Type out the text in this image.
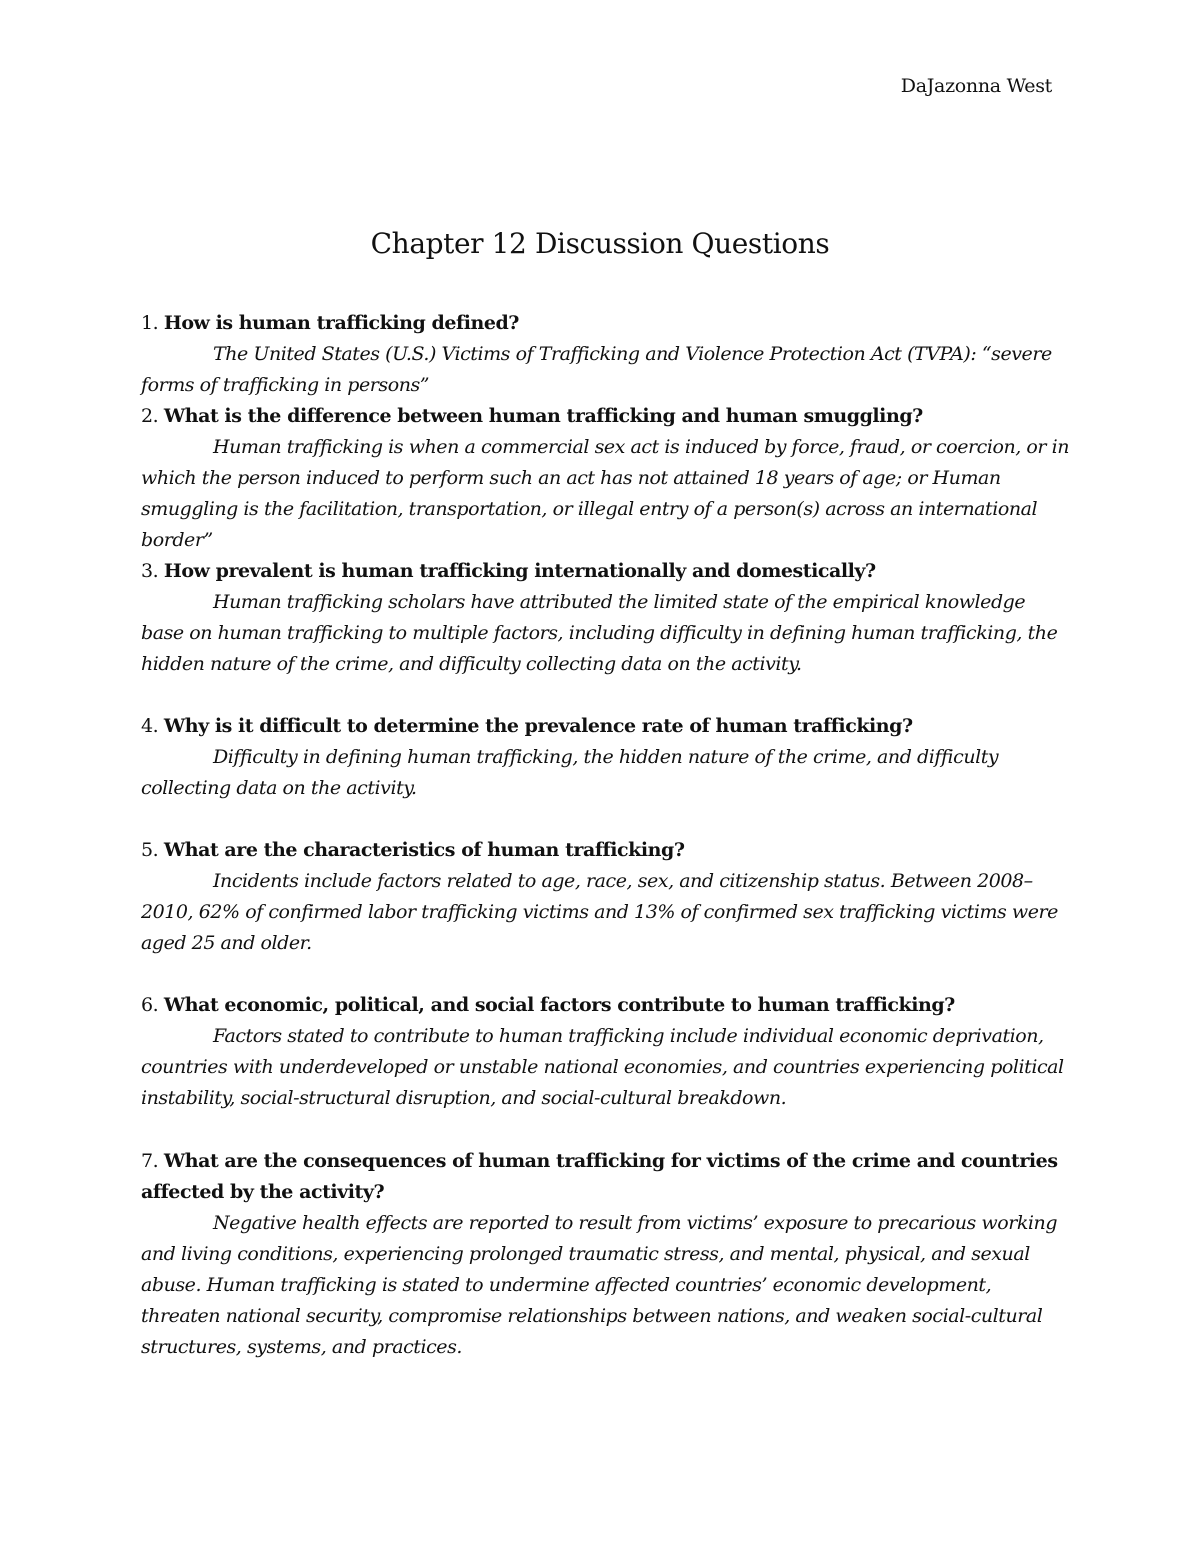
DaJazonna West
Chapter 12 Discussion Questions

1. How is human trafficking defined?

The United States (U.S.) Victims of Trafficking and Violence Protection Act (TVPA): “severe forms of trafficking in persons”

2. What is the difference between human trafficking and human smuggling?

Human trafficking is when a commercial sex act is induced by force, fraud, or coercion, or in which the person induced to perform such an act has not attained 18 years of age; or Human smuggling is the facilitation, transportation, or illegal entry of a person(s) across an international border”

3. How prevalent is human trafficking internationally and domestically?

Human trafficking scholars have attributed the limited state of the empirical knowledge base on human trafficking to multiple factors, including difficulty in defining human trafficking, the hidden nature of the crime, and difficulty collecting data on the activity.

4. Why is it difficult to determine the prevalence rate of human trafficking?

Difficulty in defining human trafficking, the hidden nature of the crime, and difficulty collecting data on the activity.

5. What are the characteristics of human trafficking?

Incidents include factors related to age, race, sex, and citizenship status. Between 2008–2010, 62% of confirmed labor trafficking victims and 13% of confirmed sex trafficking victims were aged 25 and older.

6. What economic, political, and social factors contribute to human trafficking?

Factors stated to contribute to human trafficking include individual economic deprivation, countries with underdeveloped or unstable national economies, and countries experiencing political instability, social-structural disruption, and social-cultural breakdown.

7. What are the consequences of human trafficking for victims of the crime and countries affected by the activity?

Negative health effects are reported to result from victims’ exposure to precarious working and living conditions, experiencing prolonged traumatic stress, and mental, physical, and sexual abuse. Human trafficking is stated to undermine affected countries’ economic development, threaten national security, compromise relationships between nations, and weaken social-cultural structures, systems, and practices.
